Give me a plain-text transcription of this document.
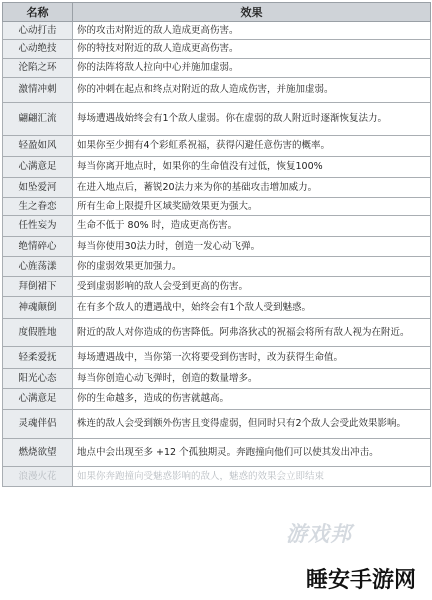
名称	效果
心动打击	你的攻击对附近的敌人造成更高伤害。
心动绝技	你的特技对附近的敌人造成更高伤害。
沦陷之环	你的法阵将敌人拉向中心并施加虚弱。
激情冲刺	你的冲刺在起点和终点对附近的敌人造成伤害，并施加虚弱。
翩翩汇流	每场遭遇战始终会有1个敌人虚弱。你在虚弱的敌人附近时逐渐恢复法力。
轻盈如风	如果你至少拥有4个彩虹系祝福，获得闪避任意伤害的概率。
心满意足	每当你离开地点时，如果你的生命值没有过低，恢复100%
如坠爱河	在进入地点后，蓄锐20法力来为你的基础攻击增加威力。
生之眷恋	所有生命上限提升区域奖励效果更为强大。
任性妄为	生命不低于 80% 时，造成更高伤害。
绝情碎心	每当你使用30法力时，创造一发心动飞弹。
心旌荡漾	你的虚弱效果更加强力。
拜倒裙下	受到虚弱影响的敌人会受到更高的伤害。
神魂颠倒	在有多个敌人的遭遇战中，始终会有1个敌人受到魅惑。
度假胜地	附近的敌人对你造成的伤害降低。阿弗洛狄忒的祝福会将所有敌人视为在附近。
轻柔爱抚	每场遭遇战中，当你第一次将要受到伤害时，改为获得生命值。
阳光心态	每当你创造心动飞弹时，创造的数量增多。
心满意足	你的生命越多，造成的伤害就越高。
灵魂伴侣	株连的敌人会受到额外伤害且变得虚弱，但同时只有2个敌人会受此效果影响。
燃烧欲望	地点中会出现至多 +12 个孤独期灵。奔跑撞向他们可以使其发出冲击。
浪漫火花	如果你奔跑撞向受魅惑影响的敌人，魅惑的效果会立即结束
游戏邦
睡安手游网
